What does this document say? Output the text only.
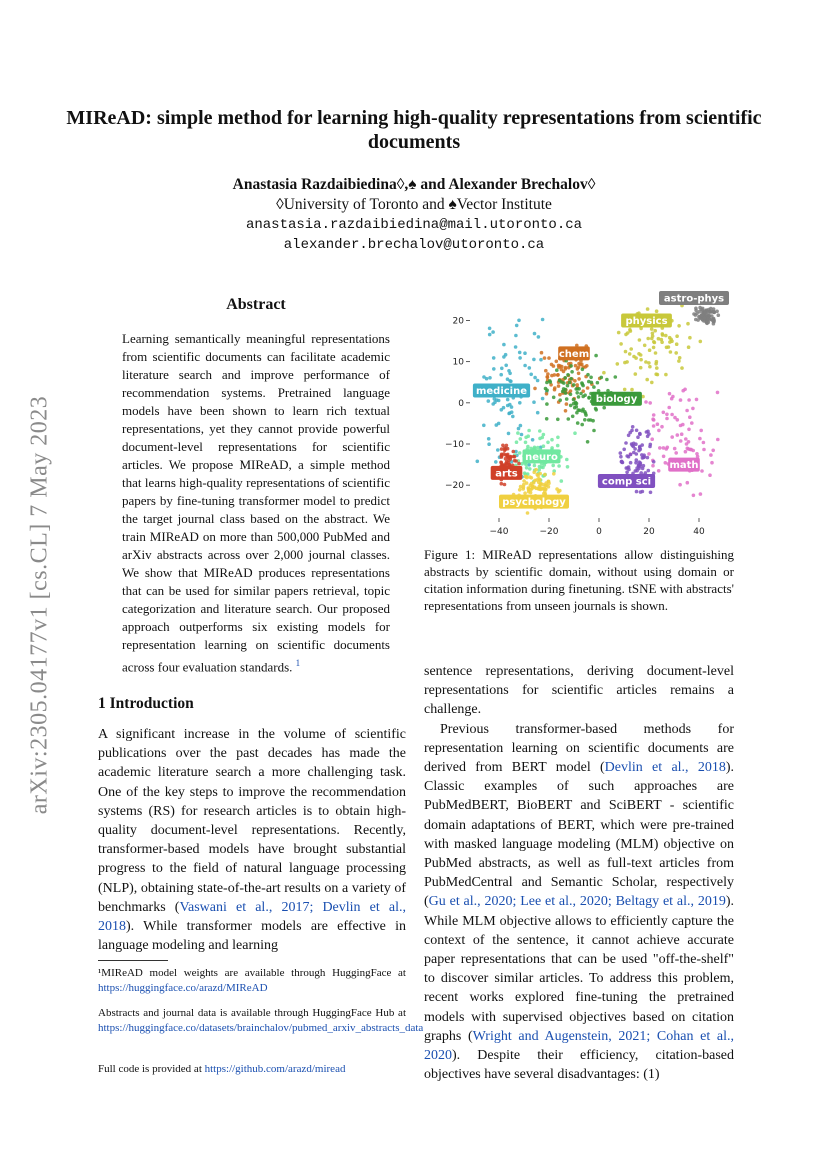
arXiv:2305.04177v1 [cs.CL] 7 May 2023
MIReAD: simple method for learning high-quality representations from scientific documents
Anastasia Razdaibiedina◊,♠ and Alexander Brechalov◊
◊University of Toronto and ♠Vector Institute
anastasia.razdaibiedina@mail.utoronto.ca
alexander.brechalov@utoronto.ca
Abstract
Learning semantically meaningful representations from scientific documents can facilitate academic literature search and improve performance of recommendation systems. Pretrained language models have been shown to learn rich textual representations, yet they cannot provide powerful document-level representations for scientific articles. We propose MIReAD, a simple method that learns high-quality representations of scientific papers by fine-tuning transformer model to predict the target journal class based on the abstract. We train MIReAD on more than 500,000 PubMed and arXiv abstracts across over 2,000 journal classes. We show that MIReAD produces representations that can be used for similar papers retrieval, topic categorization and literature search. Our proposed approach outperforms six existing models for representation learning on scientific documents across four evaluation standards. $^1$
1 Introduction
A significant increase in the volume of scientific publications over the past decades has made the academic literature search a more challenging task. One of the key steps to improve the recommendation systems (RS) for research articles is to obtain high-quality document-level representations. Recently, transformer-based models have brought substantial progress to the field of natural language processing (NLP), obtaining state-of-the-art results on a variety of benchmarks (Vaswani et al., 2017; Devlin et al., 2018). While transformer models are effective in language modeling and learning
¹MIReAD model weights are available through HuggingFace at https://huggingface.co/arazd/MIReAD
Abstracts and journal data is available through HuggingFace Hub at https://huggingface.co/datasets/brainchalov/pubmed_arxiv_abstracts_data
Full code is provided at https://github.com/arazd/miread
−40	−20	0	20	40
−20
−10
0
10
20
medicine
chem
biology
physics
astro-phys
math
comp sci
neuro
arts
psychology
Figure 1: MIReAD representations allow distinguishing abstracts by scientific domain, without using domain or citation information during finetuning. tSNE with abstracts' representations from unseen journals is shown.

sentence representations, deriving document-level representations for scientific articles remains a challenge.

Previous transformer-based methods for representation learning on scientific documents are derived from BERT model (Devlin et al., 2018). Classic examples of such approaches are PubMedBERT, BioBERT and SciBERT - scientific domain adaptations of BERT, which were pre-trained with masked language modeling (MLM) objective on PubMed abstracts, as well as full-text articles from PubMedCentral and Semantic Scholar, respectively (Gu et al., 2020; Lee et al., 2020; Beltagy et al., 2019). While MLM objective allows to efficiently capture the context of the sentence, it cannot achieve accurate paper representations that can be used "off-the-shelf" to discover similar articles. To address this problem, recent works explored fine-tuning the pretrained models with supervised objectives based on citation graphs (Wright and Augenstein, 2021; Cohan et al., 2020). Despite their efficiency, citation-based objectives have several disadvantages: (1)
